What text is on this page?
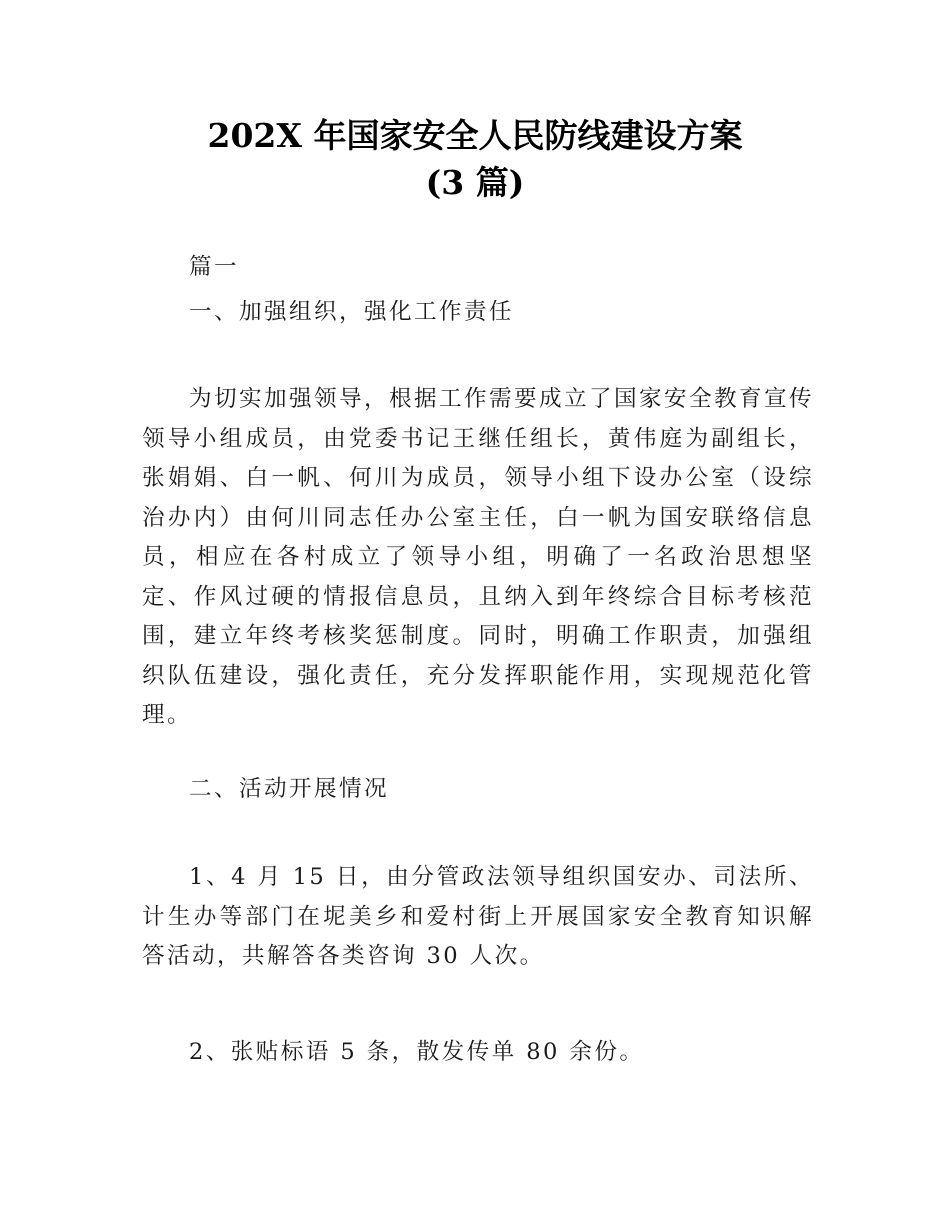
202X 年国家安全人民防线建设方案
(3 篇)
篇一
一、加强组织，强化工作责任
为切实加强领导，根据工作需要成立了国家安全教育宣传领导小组成员，由党委书记王继任组长，黄伟庭为副组长，张娟娟、白一帆、何川为成员，领导小组下设办公室（设综治办内）由何川同志任办公室主任，白一帆为国安联络信息员，相应在各村成立了领导小组，明确了一名政治思想坚定、作风过硬的情报信息员，且纳入到年终综合目标考核范围，建立年终考核奖惩制度。同时，明确工作职责，加强组织队伍建设，强化责任，充分发挥职能作用，实现规范化管理。
二、活动开展情况
1、4 月 15 日，由分管政法领导组织国安办、司法所、计生办等部门在坭美乡和爱村街上开展国家安全教育知识解答活动，共解答各类咨询 30 人次。
2、张贴标语 5 条，散发传单 80 余份。
